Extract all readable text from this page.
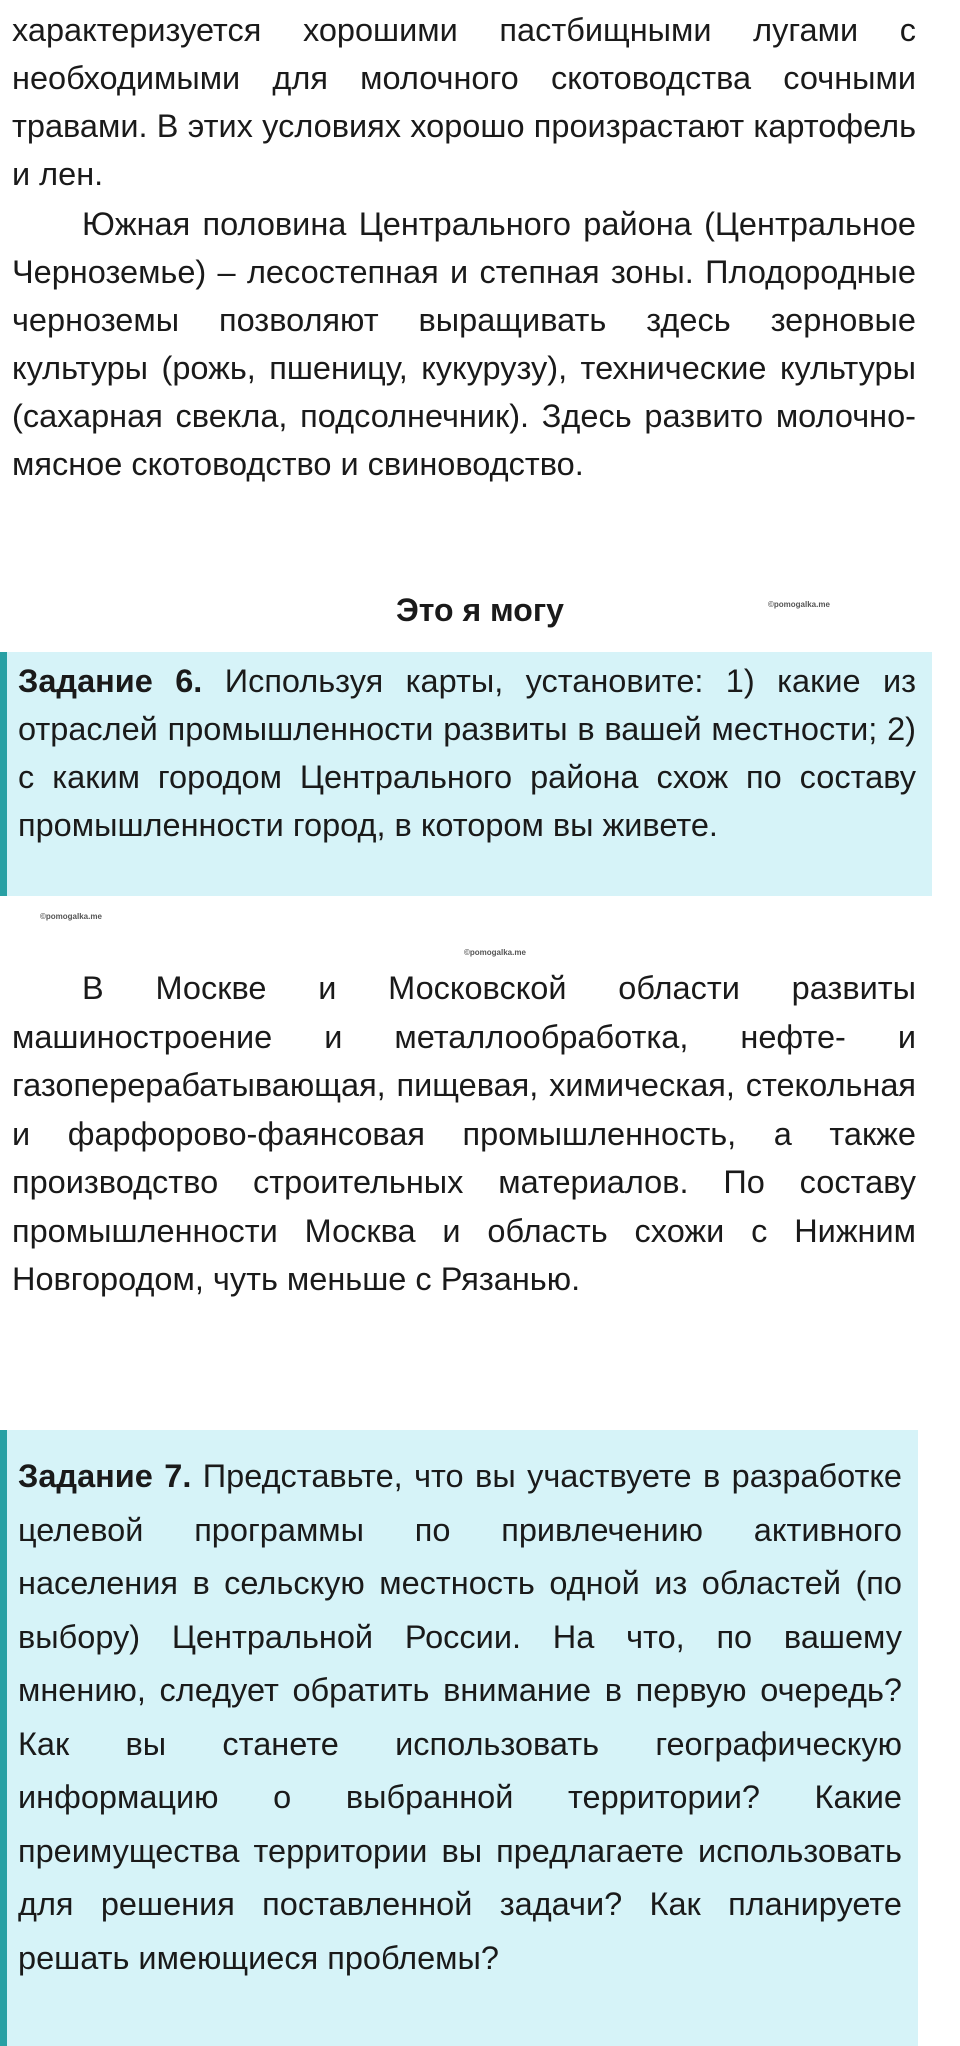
характеризуется хорошими пастбищными лугами с необходимыми для молочного скотоводства сочными травами. В этих условиях хорошо произрастают картофель и лен.

Южная половина Центрального района (Центральное Черноземье) – лесостепная и степная зоны. Плодородные черноземы позволяют выращивать здесь зерновые культуры (рожь, пшеницу, кукурузу), технические культуры (сахарная свекла, подсолнечник). Здесь развито молочно-мясное скотоводство и свиноводство.

Это я могу	©pomogalka.me

Задание 6. Используя карты, установите: 1) какие из отраслей промышленности развиты в вашей местности; 2) с каким городом Центрального района схож по составу промышленности город, в котором вы живете.

©pomogalka.me
©pomogalka.me

В Москве и Московской области развиты машиностроение и металлообработка, нефте- и газоперерабатывающая, пищевая, химическая, стекольная и фарфорово-фаянсовая промышленность, а также производство строительных материалов. По составу промышленности Москва и область схожи с Нижним Новгородом, чуть меньше с Рязанью.

Задание 7. Представьте, что вы участвуете в разработке целевой программы по привлечению активного населения в сельскую местность одной из областей (по выбору) Центральной России. На что, по вашему мнению, следует обратить внимание в первую очередь? Как вы станете использовать географическую информацию о выбранной территории? Какие преимущества территории вы предлагаете использовать для решения поставленной задачи? Как планируете решать имеющиеся проблемы?
